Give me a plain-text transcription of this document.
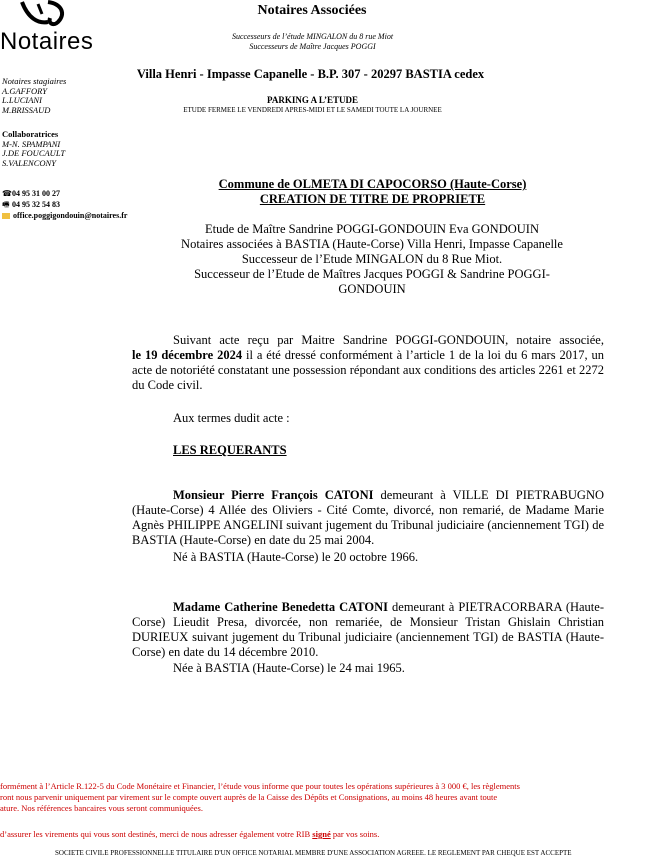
Notaires
Notaires Associées
Successeurs de l’étude MINGALON du 8 rue Miot
Successeurs de Maître Jacques POGGI
Villa Henri - Impasse Capanelle - B.P. 307 - 20297 BASTIA cedex
PARKING A L’ETUDE
ETUDE FERMEE LE VENDREDI APRES-MIDI ET LE SAMEDI TOUTE LA JOURNEE
Notaires stagiaires
A.GAFFORY
L.LUCIANI
M.BRISSAUD
Collaboratrices
M-N. SPAMPANI
J.DE FOUCAULT
S.VALENCONY
☎04 95 31 00 27
🖷 04 95 32 54 83
office.poggigondouin@notaires.fr
Commune de OLMETA DI CAPOCORSO (Haute-Corse)
CREATION DE TITRE DE PROPRIETE
Etude de Maître Sandrine POGGI-GONDOUIN Eva GONDOUIN
Notaires associées à BASTIA (Haute-Corse) Villa Henri, Impasse Capanelle
Successeur de l’Etude MINGALON du 8 Rue Miot.
Successeur de l’Etude de Maîtres Jacques POGGI & Sandrine POGGI-
GONDOUIN
Suivant acte reçu par Maitre Sandrine POGGI-GONDOUIN, notaire associée,
le 19 décembre 2024 il a été dressé conformément à l’article 1 de la loi du 6 mars 2017, un acte de notoriété constatant une possession répondant aux conditions des articles 2261 et 2272 du Code civil.
Aux termes dudit acte :
LES REQUERANTS
Monsieur Pierre François CATONI demeurant à VILLE DI PIETRABUGNO (Haute-Corse) 4 Allée des Oliviers - Cité Comte, divorcé, non remarié, de Madame Marie Agnès PHILIPPE ANGELINI suivant jugement du Tribunal judiciaire (anciennement TGI) de BASTIA (Haute-Corse) en date du 25 mai 2004.
Né à BASTIA (Haute-Corse) le 20 octobre 1966.
Madame Catherine Benedetta CATONI demeurant à PIETRACORBARA (Haute-Corse) Lieudit Presa, divorcée, non remariée, de Monsieur Tristan Ghislain Christian DURIEUX suivant jugement du Tribunal judiciaire (anciennement TGI) de BASTIA (Haute-Corse) en date du 14 décembre 2010.
Née à BASTIA (Haute-Corse) le 24 mai 1965.
formément à l’Article R.122-5 du Code Monétaire et Financier, l’étude vous informe que pour toutes les opérations supérieures à 3 000 €, les règlements
ront nous parvenir uniquement par virement sur le compte ouvert auprès de la Caisse des Dépôts et Consignations, au moins 48 heures avant toute
ature. Nos références bancaires vous seront communiquées.
d’assurer les virements qui vous sont destinés, merci de nous adresser également votre RIB signé par vos soins.
SOCIETE CIVILE PROFESSIONNELLE TITULAIRE D'UN OFFICE NOTARIAL MEMBRE D'UNE ASSOCIATION AGREEE. LE REGLEMENT PAR CHEQUE EST ACCEPTE
